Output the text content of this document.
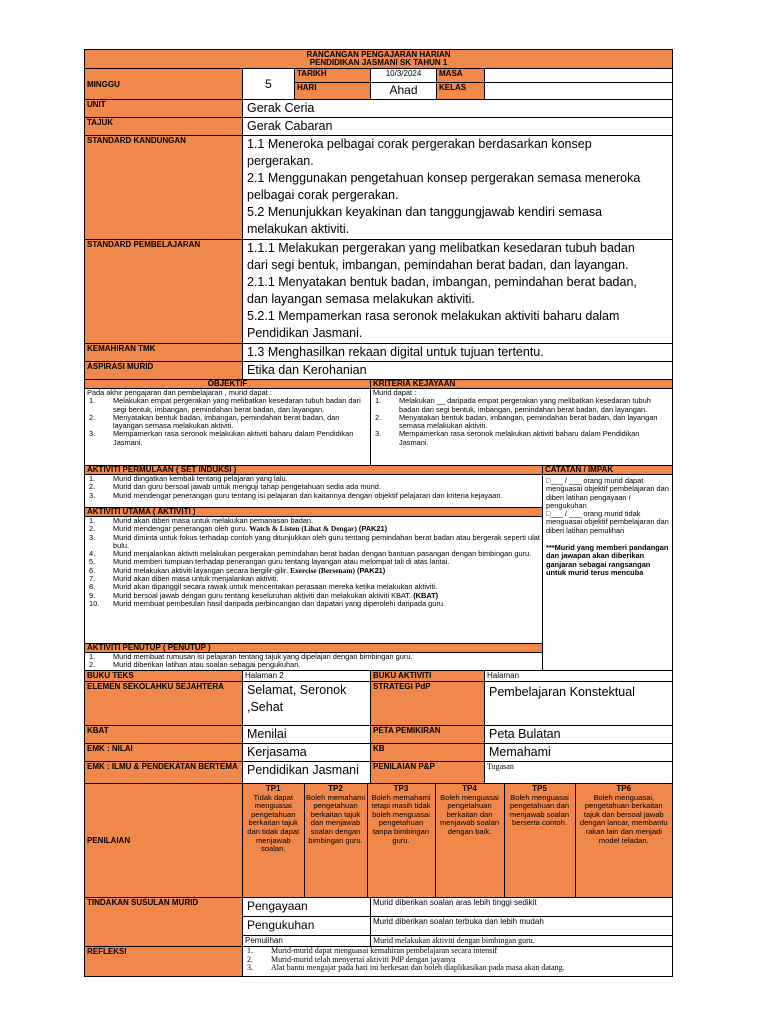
RANCANGAN PENGAJARAN HARIAN
PENDIDIKAN JASMANI SK TAHUN 1

MINGGU	5	TARIKH	10/3/2024	MASA	
HARI	Ahad	KELAS	
UNIT	Gerak Ceria
TAJUK	Gerak Cabaran
STANDARD KANDUNGAN	1.1 Meneroka pelbagai corak pergerakan berdasarkan konsep pergerakan.
2.1 Menggunakan pengetahuan konsep pergerakan semasa meneroka pelbagai corak pergerakan.
5.2 Menunjukkan keyakinan dan tanggungjawab kendiri semasa melakukan aktiviti.

STANDARD PEMBELAJARAN	1.1.1 Melakukan pergerakan yang melibatkan kesedaran tubuh badan dari segi bentuk, imbangan, pemindahan berat badan, dan layangan.
2.1.1 Menyatakan bentuk badan, imbangan, pemindahan berat badan, dan layangan semasa melakukan aktiviti.
5.2.1 Mempamerkan rasa seronok melakukan aktiviti baharu dalam Pendidikan Jasmani.

KEMAHIRAN TMK	1.3 Menghasilkan rekaan digital untuk tujuan tertentu.
ASPIRASI MURID	Etika dan Kerohanian
OBJEKTIF	KRITERIA KEJAYAAN

Pada akhir pengajaran dan pembelajaran , murid dapat :
1. Melakukan empat pergerakan yang melibatkan kesedaran tubuh badan dari segi bentuk, imbangan, pemindahan berat badan, dan layangan.
2. Menyatakan bentuk badan, imbangan, pemindahan berat badan, dan layangan semasa melakukan aktiviti.
3. Mempamerkan rasa seronok melakukan aktiviti baharu dalam Pendidikan Jasmani.

Murid dapat :
1. Melakukan __ daripada empat pergerakan yang melibatkan kesedaran tubuh badan dari segi bentuk, imbangan, pemindahan berat badan, dan layangan.
2. Menyatakan bentuk badan, imbangan, pemindahan berat badan, dan layangan semasa melakukan aktiviti.
3. Mempamerkan rasa seronok melakukan aktiviti baharu dalam Pendidikan Jasmani.

AKTIVITI PERMULAAN ( SET INDUKSI )	CATATAN / IMPAK

1. Murid diingatkan kembali tentang pelajaran yang lalu.
2. Murid dan guru bersoal jawab untuk menguji tahap pengetahuan sedia ada murid.
3. Murid mendengar penerangan guru tentang isi pelajaran dan kaitannya dengan objektif pelajaran dan kriteria kejayaan.

□___ / ___ orang murid dapat menguasai objektif pembelajaran dan diberi latihan pengayaan / pengukuhan
□___ / ___ orang murid tidak menguasai objektif pembelajaran dan diberi latihan pemulihan
***Murid yang memberi pandangan dan jawapan akan diberikan ganjaran sebagai rangsangan untuk murid terus mencuba

AKTIVITI UTAMA ( AKTIVITI )

1. Murid akan diberi masa untuk melakukan pemanasan badan.
2. Murid mendengar penerangan oleh guru. Watch & Listen (Lihat & Dengar) (PAK21)
3. Murid diminta untuk fokus terhadap contoh yang ditunjukkan oleh guru tentang pemindahan berat badan atau bergerak seperti ulat bulu.
4. Murid menjalankan aktiviti melakukan pergerakan pemindahan berat badan dengan bantuan pasangan dengan bimbingan guru.
5. Murid memberi tumpuan terhadap penerangan guru tentang layangan atau melompat tali di atas lantai.
6. Murid melakukan aktiviti layangan secara bergilir-gilir. Exercise (Bersenam) (PAK21)
7. Murid akan diberi masa untuk menjalankan aktiviti.
8. Murid akan dipanggil secara rawak untuk menceritakan perasaan mereka ketika melakukan aktiviti.
9. Murid bersoal jawab dengan guru tentang keseluruhan aktiviti dan melakukan aktiviti KBAT. (KBAT)
10. Murid membuat pembetulan hasil daripada perbincangan dan dapatan yang diperolehi daripada guru.

AKTIVITI PENUTUP ( PENUTUP )

1. Murid membuat rumusan isi pelajaran tentang tajuk yang dipelajari dengan bimbingan guru.
2. Murid diberikan latihan atau soalan sebagai pengukuhan.

BUKU TEKS	Halaman 2	BUKU AKTIVITI	Halaman
ELEMEN SEKOLAHKU SEJAHTERA	Selamat, Seronok ,Sehat	STRATEGI PdP	Pembelajaran Konstektual
KBAT	Menilai	PETA PEMIKIRAN	Peta Bulatan
EMK : NILAI	Kerjasama	KB	Memahami
EMK : ILMU & PENDEKATAN BERTEMA	Pendidikan Jasmani	PENILAIAN P&P	Tugasan
PENILAIAN	
TP1
Tidak dapat menguasai pengetahuan berkaitan tajuk dan tidak dapat menjawab soalan.	
TP2
Boleh memahami pengetahuan berkaitan tajuk dan menjawab soalan dengan bimbingan guru.	
TP3
Boleh memahami tetapi masih tidak boleh menguasai pengetahuan tanpa bimbingan guru.	
TP4
Boleh menguasai pengetahuan berkaitan dan menjawab soalan dengan baik.	
TP5
Boleh menguasai pengetahuan dan menjawab soalan berserta contoh.	
TP6
Boleh menguasai, pengetahuan berkaitan tajuk dan bersoal jawab dengan lancar, membantu rakan lain dan menjadi model teladan.

TINDAKAN SUSULAN MURID	Pengayaan	Murid diberikan soalan aras lebih tinggi sedikit
Pengukuhan	Murid diberikan soalan terbuka dan lebih mudah
Pemulihan	Murid melakukan aktiviti dengan bimbingan guru.
REFLEKSI	1. Murid-murid dapat menguasai kemahiran pembelajaran secara intensif
2. Murid-murid telah menyertai aktiviti PdP dengan jayanya
3. Alat bantu mengajar pada hari ini berkesan dan boleh diaplikasikan pada masa akan datang.
